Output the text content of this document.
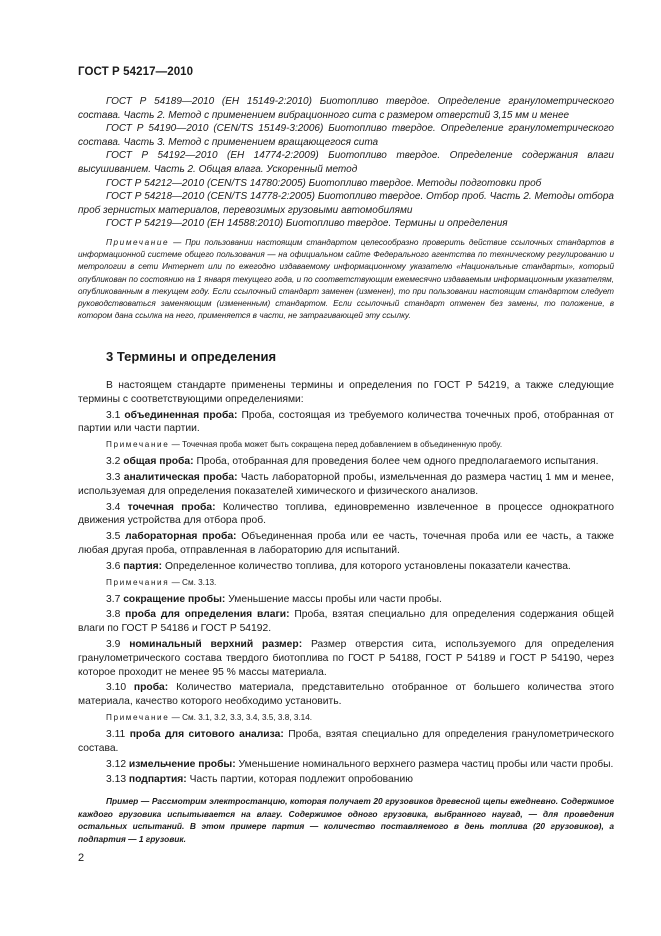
ГОСТ Р 54217—2010

ГОСТ Р 54189—2010 (ЕН 15149-2:2010) Биотопливо твердое. Определение гранулометрического состава. Часть 2. Метод с применением вибрационного сита с размером отверстий 3,15 мм и менее

ГОСТ Р 54190—2010 (CEN/TS 15149-3:2006) Биотопливо твердое. Определение гранулометрического состава. Часть 3. Метод с применением вращающегося сита

ГОСТ Р 54192—2010 (ЕН 14774-2:2009) Биотопливо твердое. Определение содержания влаги высушиванием. Часть 2. Общая влага. Ускоренный метод

ГОСТ Р 54212—2010 (CEN/TS 14780:2005) Биотопливо твердое. Методы подготовки проб

ГОСТ Р 54218—2010 (CEN/TS 14778-2:2005) Биотопливо твердое. Отбор проб. Часть 2. Методы отбора проб зернистых материалов, перевозимых грузовыми автомобилями

ГОСТ Р 54219—2010 (ЕН 14588:2010) Биотопливо твердое. Термины и определения

Примечание — При пользовании настоящим стандартом целесообразно проверить действие ссылочных стандартов в информационной системе общего пользования — на официальном сайте Федерального агентства по техническому регулированию и метрологии в сети Интернет или по ежегодно издаваемому информационному указателю «Национальные стандарты», который опубликован по состоянию на 1 января текущего года, и по соответствующим ежемесячно издаваемым информационным указателям, опубликованным в текущем году. Если ссылочный стандарт заменен (изменен), то при пользовании настоящим стандартом следует руководствоваться заменяющим (измененным) стандартом. Если ссылочный стандарт отменен без замены, то положение, в котором дана ссылка на него, применяется в части, не затрагивающей эту ссылку.

3 Термины и определения

В настоящем стандарте применены термины и определения по ГОСТ Р 54219, а также следующие термины с соответствующими определениями:

3.1 объединенная проба: Проба, состоящая из требуемого количества точечных проб, отобранная от партии или части партии.

Примечание — Точечная проба может быть сокращена перед добавлением в объединенную пробу.

3.2 общая проба: Проба, отобранная для проведения более чем одного предполагаемого испытания.

3.3 аналитическая проба: Часть лабораторной пробы, измельченная до размера частиц 1 мм и менее, используемая для определения показателей химического и физического анализов.

3.4 точечная проба: Количество топлива, единовременно извлеченное в процессе однократного движения устройства для отбора проб.

3.5 лабораторная проба: Объединенная проба или ее часть, точечная проба или ее часть, а также любая другая проба, отправленная в лабораторию для испытаний.

3.6 партия: Определенное количество топлива, для которого установлены показатели качества.

Примечания — См. 3.13.

3.7 сокращение пробы: Уменьшение массы пробы или части пробы.

3.8 проба для определения влаги: Проба, взятая специально для определения содержания общей влаги по ГОСТ Р 54186 и ГОСТ Р 54192.

3.9 номинальный верхний размер: Размер отверстия сита, используемого для определения гранулометрического состава твердого биотоплива по ГОСТ Р 54188, ГОСТ Р 54189 и ГОСТ Р 54190, через которое проходит не менее 95 % массы материала.

3.10 проба: Количество материала, представительно отобранное от большего количества этого материала, качество которого необходимо установить.

Примечание — См. 3.1, 3.2, 3.3, 3.4, 3.5, 3.8, 3.14.

3.11 проба для ситового анализа: Проба, взятая специально для определения гранулометрического состава.

3.12 измельчение пробы: Уменьшение номинального верхнего размера частиц пробы или части пробы.

3.13 подпартия: Часть партии, которая подлежит опробованию

Пример — Рассмотрим электростанцию, которая получает 20 грузовиков древесной щепы ежедневно. Содержимое каждого грузовика испытывается на влагу. Содержимое одного грузовика, выбранного наугад, — для проведения остальных испытаний. В этом примере партия — количество поставляемого в день топлива (20 грузовиков), а подпартия — 1 грузовик.

2
